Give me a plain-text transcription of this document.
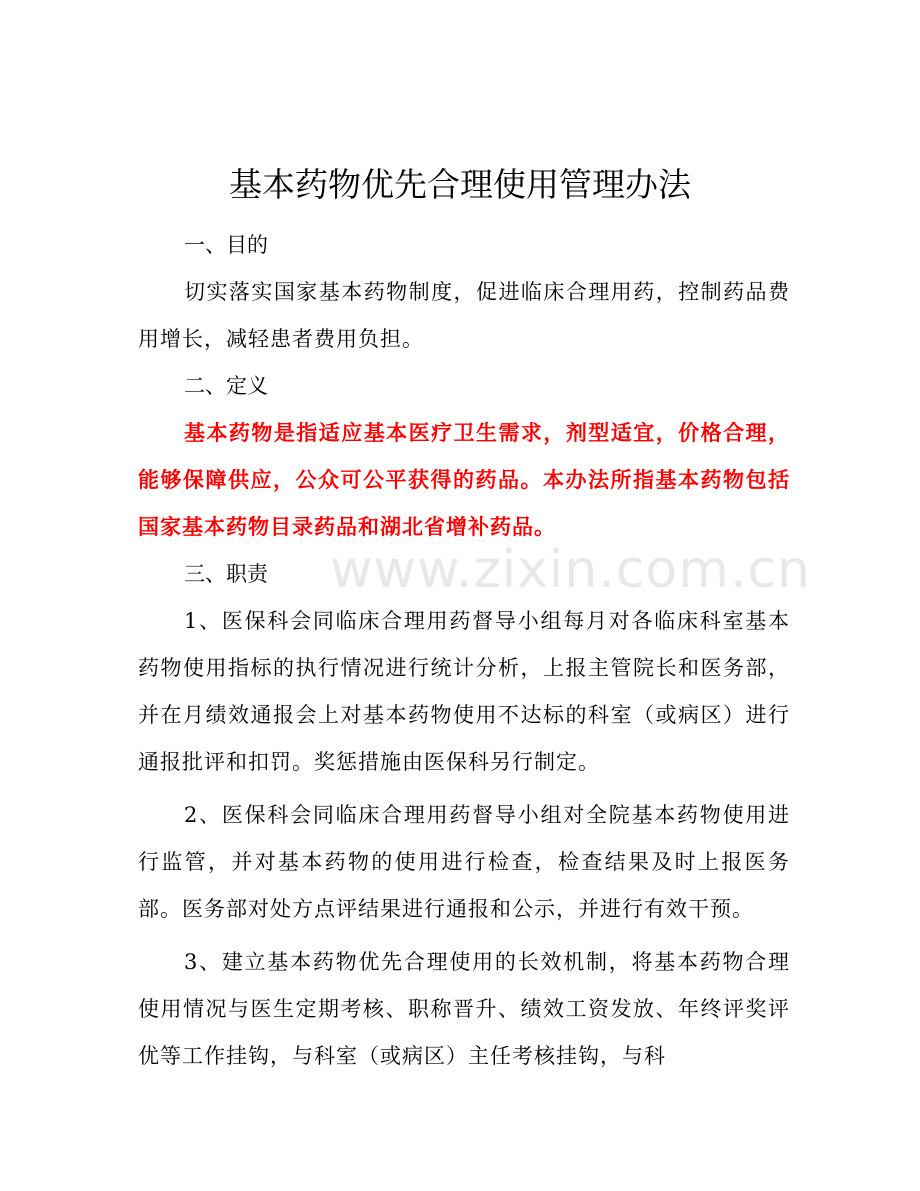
基本药物优先合理使用管理办法
一、目的

切实落实国家基本药物制度，促进临床合理用药，控制药品费用增长，减轻患者费用负担。

二、定义

基本药物是指适应基本医疗卫生需求，剂型适宜，价格合理，能够保障供应，公众可公平获得的药品。本办法所指基本药物包括国家基本药物目录药品和湖北省增补药品。

三、职责

1、医保科会同临床合理用药督导小组每月对各临床科室基本药物使用指标的执行情况进行统计分析，上报主管院长和医务部，并在月绩效通报会上对基本药物使用不达标的科室（或病区）进行通报批评和扣罚。奖惩措施由医保科另行制定。

2、医保科会同临床合理用药督导小组对全院基本药物使用进行监管，并对基本药物的使用进行检查，检查结果及时上报医务部。医务部对处方点评结果进行通报和公示，并进行有效干预。

3、建立基本药物优先合理使用的长效机制，将基本药物合理使用情况与医生定期考核、职称晋升、绩效工资发放、年终评奖评优等工作挂钩，与科室（或病区）主任考核挂钩，与科

www.zixin.com.cn
